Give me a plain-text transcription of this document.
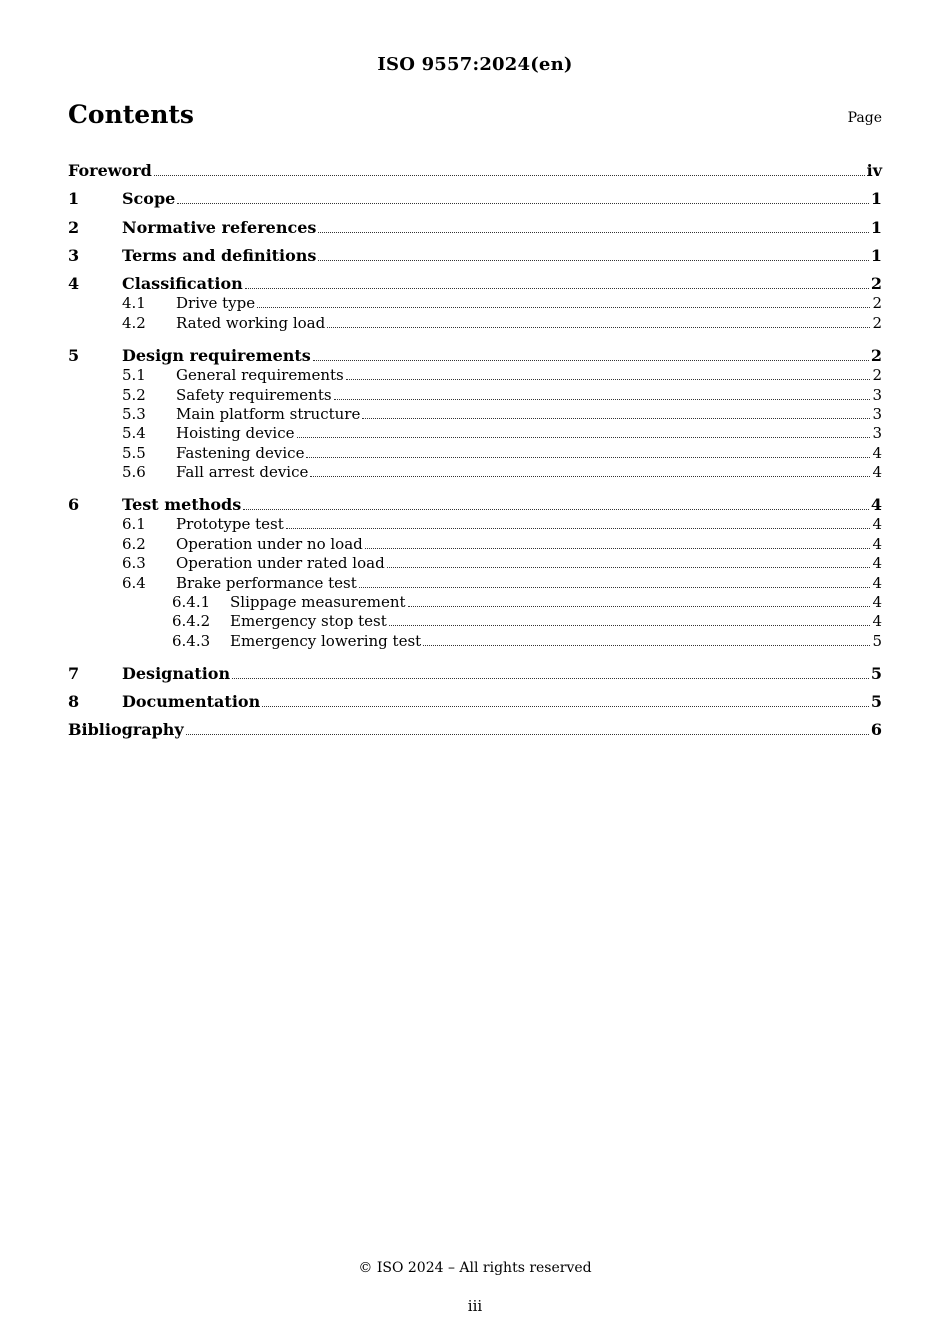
ISO 9557:2024(en)
Contents	Page
Foreword	iv
1	Scope	1
2	Normative references	1
3	Terms and definitions	1
4	Classification	2
4.1	Drive type	2
4.2	Rated working load	2
5	Design requirements	2
5.1	General requirements	2
5.2	Safety requirements	3
5.3	Main platform structure	3
5.4	Hoisting device	3
5.5	Fastening device	4
5.6	Fall arrest device	4
6	Test methods	4
6.1	Prototype test	4
6.2	Operation under no load	4
6.3	Operation under rated load	4
6.4	Brake performance test	4
6.4.1	Slippage measurement	4
6.4.2	Emergency stop test	4
6.4.3	Emergency lowering test	5
7	Designation	5
8	Documentation	5
Bibliography	6
© ISO 2024 – All rights reserved
iii
